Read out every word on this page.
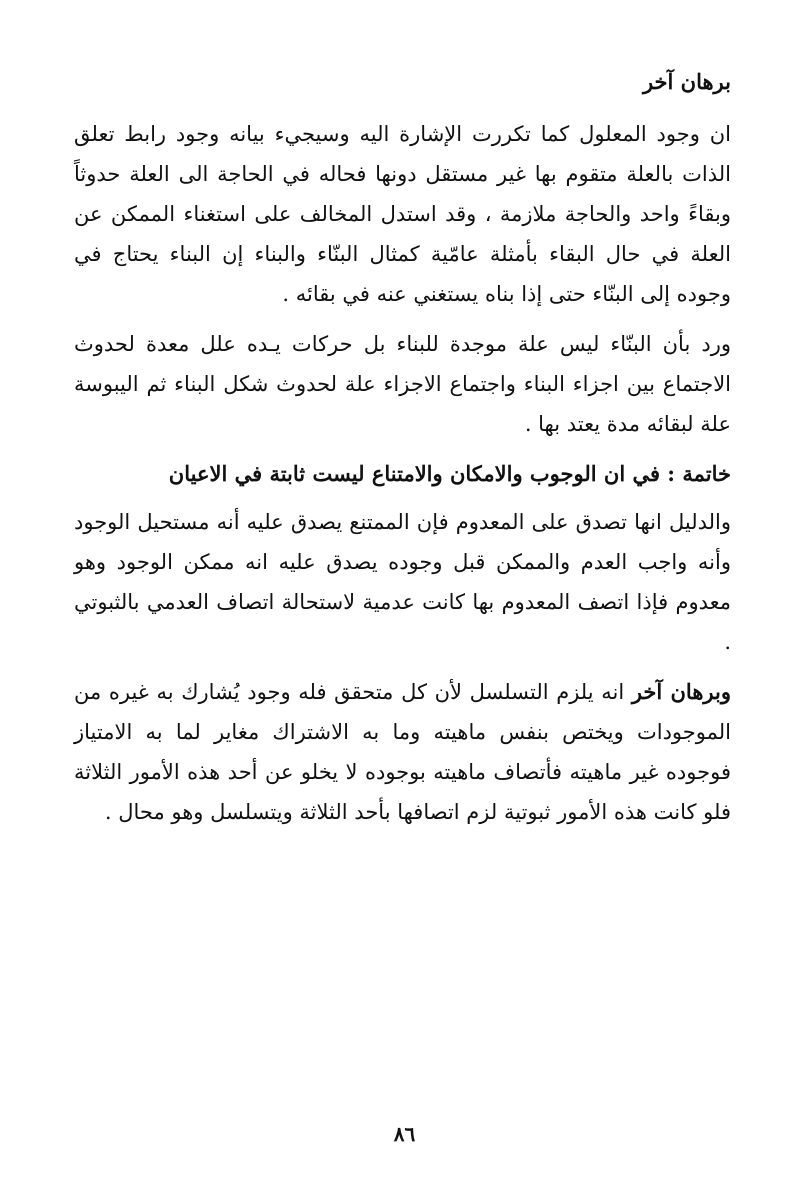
برهان آخر

ان وجود المعلول كما تكررت الإشارة اليه وسيجيء بيانه وجود رابط تعلق الذات بالعلة متقوم بها غير مستقل دونها فحاله في الحاجة الى العلة حدوثاً وبقاءً واحد والحاجة ملازمة ، وقد استدل المخالف على استغناء الممكن عن العلة في حال البقاء بأمثلة عامّية كمثال البنّاء والبناء إن البناء يحتاج في وجوده إلى البنّاء حتى إذا بناه يستغني عنه في بقائه .

ورد بأن البنّاء ليس علة موجدة للبناء بل حركات يـده علل معدة لحدوث الاجتماع بين اجزاء البناء واجتماع الاجزاء علة لحدوث شكل البناء ثم اليبوسة علة لبقائه مدة يعتد بها .

خاتمة : في ان الوجوب والامكان والامتناع ليست ثابتة في الاعيان

والدليل انها تصدق على المعدوم فإن الممتنع يصدق عليه أنه مستحيل الوجود وأنه واجب العدم والممكن قبل وجوده يصدق عليه انه ممكن الوجود وهو معدوم فإذا اتصف المعدوم بها كانت عدمية لاستحالة اتصاف العدمي بالثبوتي .

وبرهان آخر انه يلزم التسلسل لأن كل متحقق فله وجود يُشارك به غيره من الموجودات ويختص بنفس ماهيته وما به الاشتراك مغاير لما به الامتياز فوجوده غير ماهيته فأتصاف ماهيته بوجوده لا يخلو عن أحد هذه الأمور الثلاثة فلو كانت هذه الأمور ثبوتية لزم اتصافها بأحد الثلاثة ويتسلسل وهو محال .

٨٦
